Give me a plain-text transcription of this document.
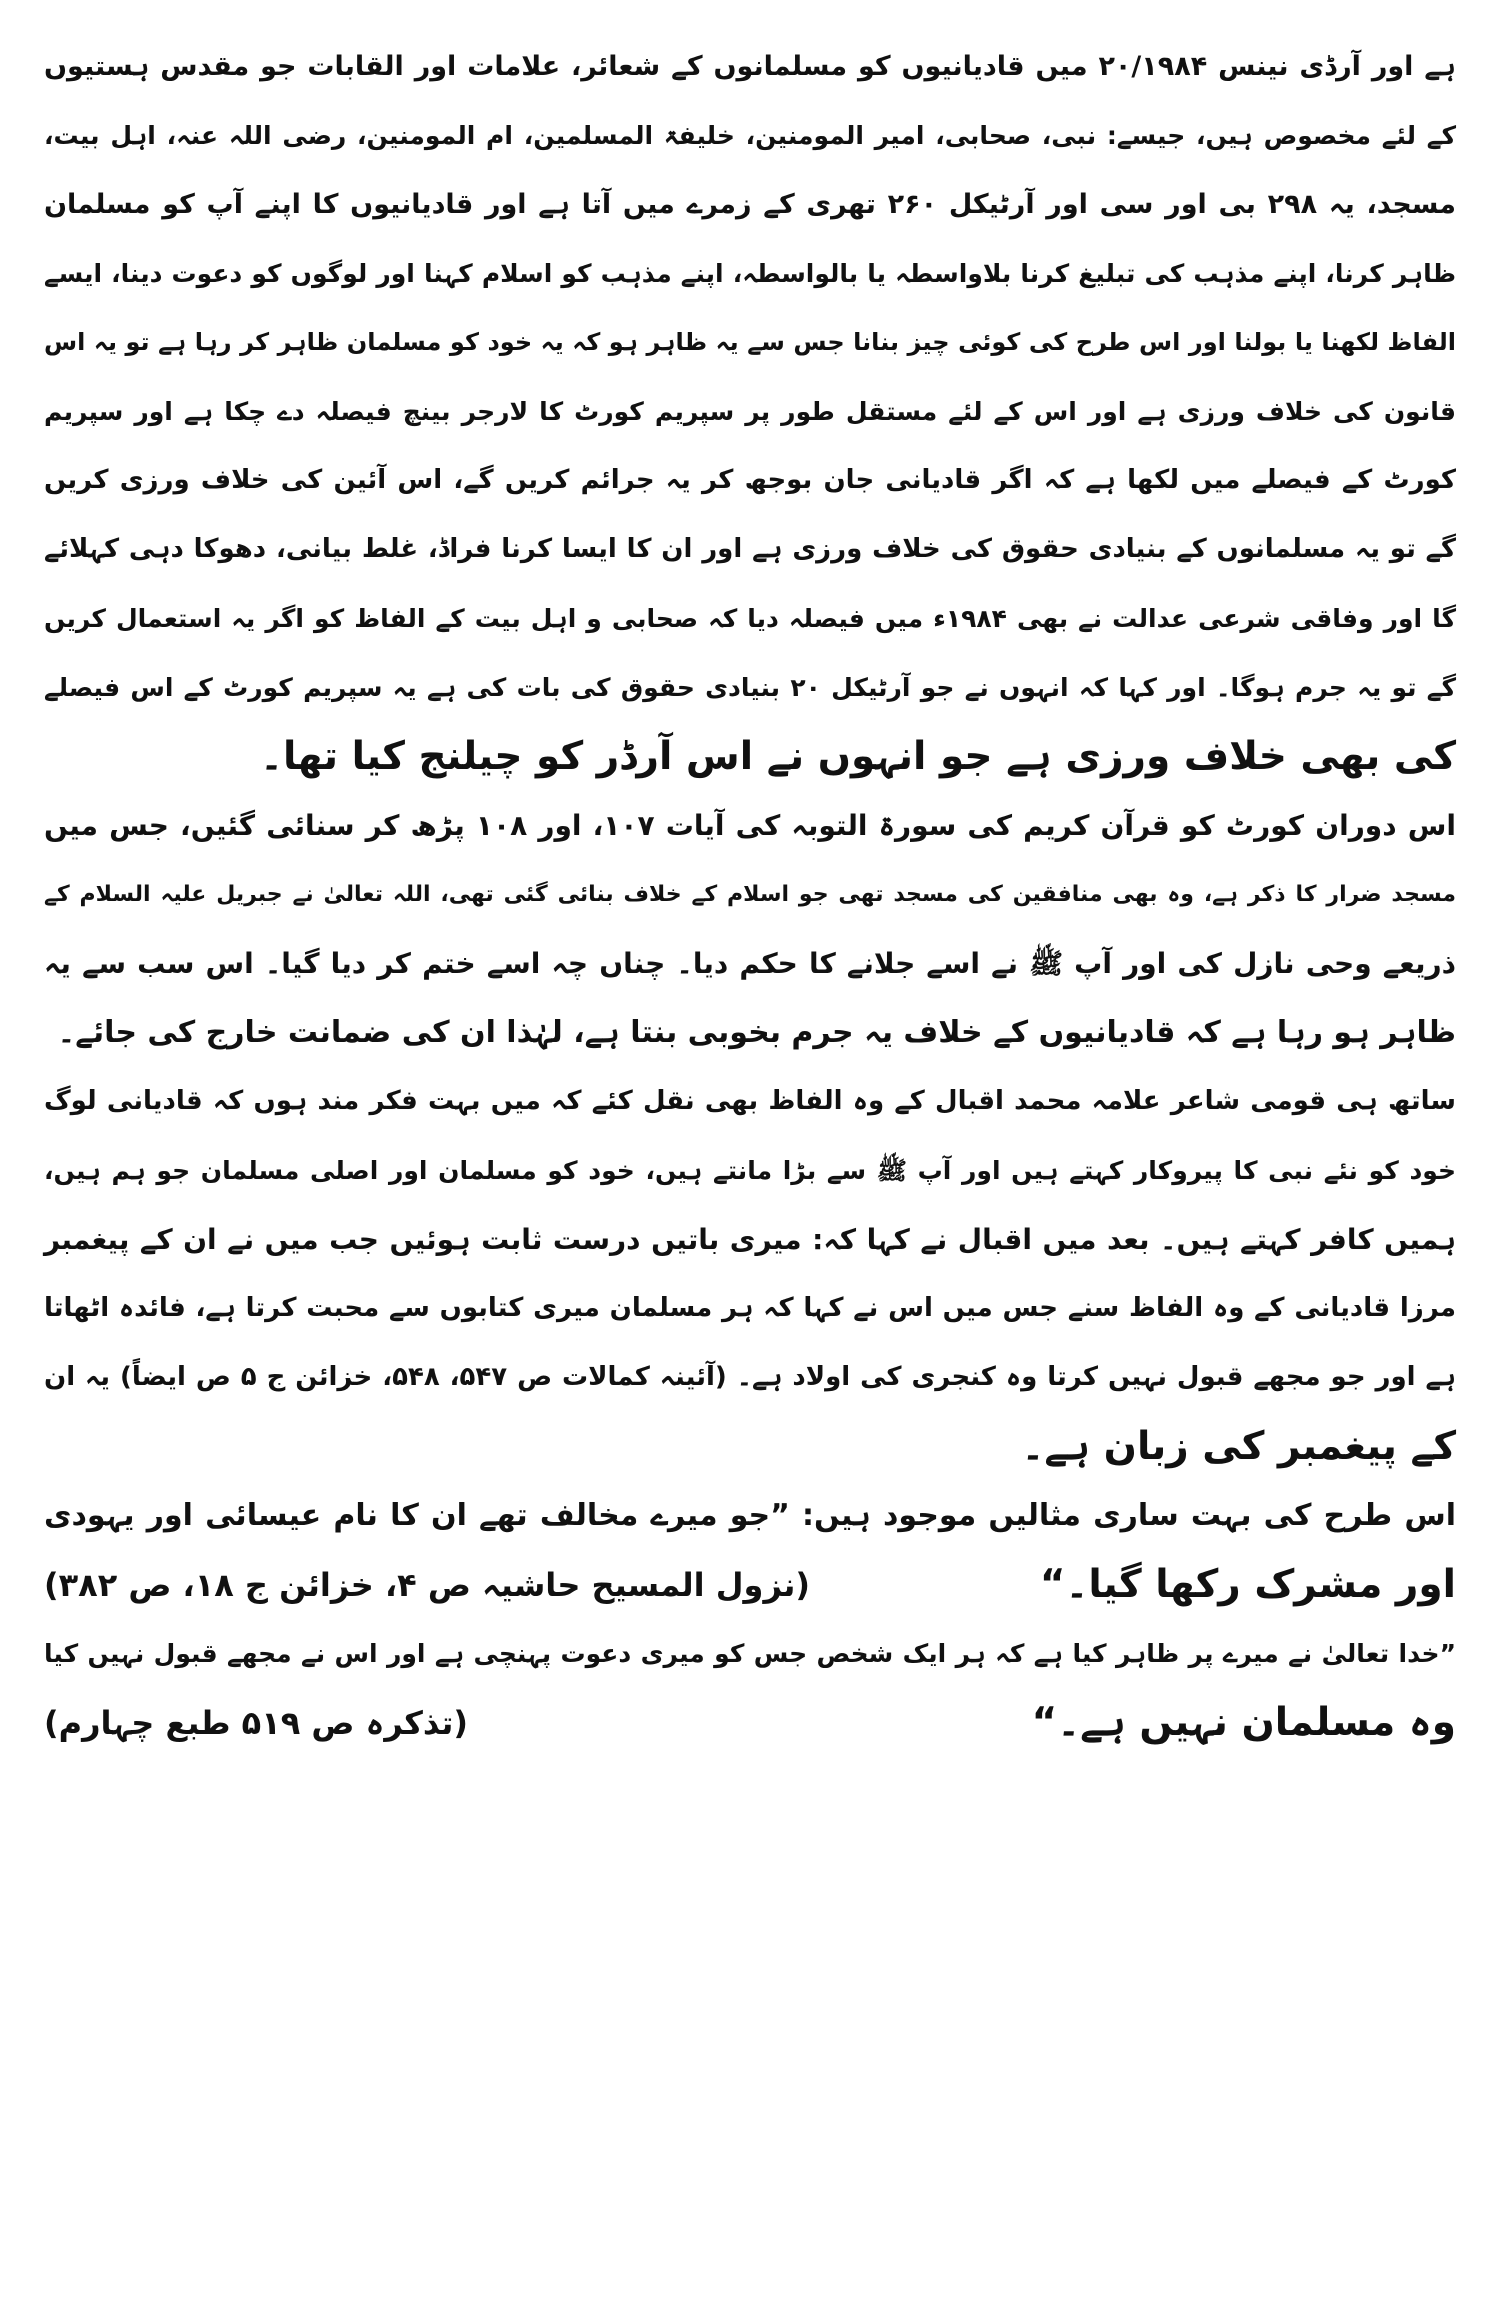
ہے اور آرڈی نینس ۲۰/۱۹۸۴ میں قادیانیوں کو مسلمانوں کے شعائر، علامات اور القابات جو مقدس ہستیوں
کے لئے مخصوص ہیں، جیسے: نبی، صحابی، امیر المومنین، خلیفۃ المسلمین، ام المومنین، رضی اللہ عنہ، اہل بیت،
مسجد، یہ ۲۹۸ بی اور سی اور آرٹیکل ۲۶۰ تھری کے زمرے میں آتا ہے اور قادیانیوں کا اپنے آپ کو مسلمان
ظاہر کرنا، اپنے مذہب کی تبلیغ کرنا بلاواسطہ یا بالواسطہ، اپنے مذہب کو اسلام کہنا اور لوگوں کو دعوت دینا، ایسے
الفاظ لکھنا یا بولنا اور اس طرح کی کوئی چیز بنانا جس سے یہ ظاہر ہو کہ یہ خود کو مسلمان ظاہر کر رہا ہے تو یہ اس
قانون کی خلاف ورزی ہے اور اس کے لئے مستقل طور پر سپریم کورٹ کا لارجر بینچ فیصلہ دے چکا ہے اور سپریم
کورٹ کے فیصلے میں لکھا ہے کہ اگر قادیانی جان بوجھ کر یہ جرائم کریں گے، اس آئین کی خلاف ورزی کریں
گے تو یہ مسلمانوں کے بنیادی حقوق کی خلاف ورزی ہے اور ان کا ایسا کرنا فراڈ، غلط بیانی، دھوکا دہی کہلائے
گا اور وفاقی شرعی عدالت نے بھی ۱۹۸۴ء میں فیصلہ دیا کہ صحابی و اہل بیت کے الفاظ کو اگر یہ استعمال کریں
گے تو یہ جرم ہوگا۔ اور کہا کہ انہوں نے جو آرٹیکل ۲۰ بنیادی حقوق کی بات کی ہے یہ سپریم کورٹ کے اس فیصلے
کی بھی خلاف ورزی ہے جو انہوں نے اس آرڈر کو چیلنج کیا تھا۔
اس دوران کورٹ کو قرآن کریم کی سورۃ التوبہ کی آیات ۱۰۷، اور ۱۰۸ پڑھ کر سنائی گئیں، جس میں
مسجد ضرار کا ذکر ہے، وہ بھی منافقین کی مسجد تھی جو اسلام کے خلاف بنائی گئی تھی، اللہ تعالیٰ نے جبریل علیہ السلام کے
ذریعے وحی نازل کی اور آپ ﷺ نے اسے جلانے کا حکم دیا۔ چناں چہ اسے ختم کر دیا گیا۔ اس سب سے یہ
ظاہر ہو رہا ہے کہ قادیانیوں کے خلاف یہ جرم بخوبی بنتا ہے، لہٰذا ان کی ضمانت خارج کی جائے۔
ساتھ ہی قومی شاعر علامہ محمد اقبال کے وہ الفاظ بھی نقل کئے کہ میں بہت فکر مند ہوں کہ قادیانی لوگ
خود کو نئے نبی کا پیروکار کہتے ہیں اور آپ ﷺ سے بڑا مانتے ہیں، خود کو مسلمان اور اصلی مسلمان جو ہم ہیں،
ہمیں کافر کہتے ہیں۔ بعد میں اقبال نے کہا کہ: میری باتیں درست ثابت ہوئیں جب میں نے ان کے پیغمبر
مرزا قادیانی کے وہ الفاظ سنے جس میں اس نے کہا کہ ہر مسلمان میری کتابوں سے محبت کرتا ہے، فائدہ اٹھاتا
ہے اور جو مجھے قبول نہیں کرتا وہ کنجری کی اولاد ہے۔ (آئینہ کمالات ص ۵۴۷، ۵۴۸، خزائن ج ۵ ص ایضاً) یہ ان
کے پیغمبر کی زبان ہے۔
اس طرح کی بہت ساری مثالیں موجود ہیں: ”جو میرے مخالف تھے ان کا نام عیسائی اور یہودی
اور مشرک رکھا گیا۔“
(نزول المسیح حاشیہ ص ۴، خزائن ج ۱۸، ص ۳۸۲)
”خدا تعالیٰ نے میرے پر ظاہر کیا ہے کہ ہر ایک شخص جس کو میری دعوت پہنچی ہے اور اس نے مجھے قبول نہیں کیا
وہ مسلمان نہیں ہے۔“
(تذکرہ ص ۵۱۹ طبع چہارم)
